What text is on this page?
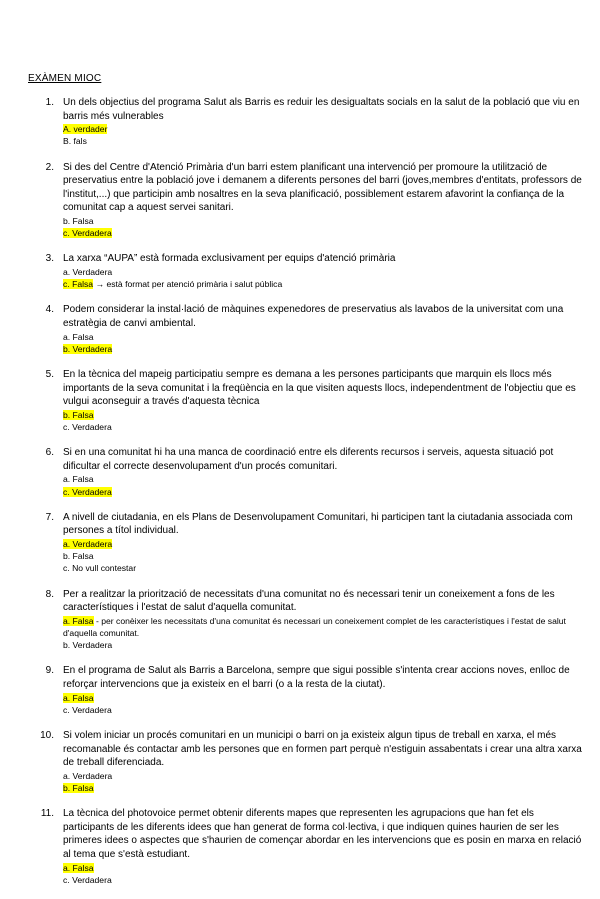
EXÀMEN MIOC
1. Un dels objectius del programa Salut als Barris es reduir les desigualtats socials en la salut de la població que viu en barris més vulnerables
A. verdader
B. fals
2. Si des del Centre d'Atenció Primària d'un barri estem planificant una intervenció per promoure la utilització de preservatius entre la població jove i demanem a diferents persones del barri (joves,membres d'entitats, professors de l'institut,...) que participin amb nosaltres en la seva planificació, possiblement estarem afavorint la confiança de la comunitat cap a aquest servei sanitari.
b. Falsa
c. Verdadera
3. La xarxa “AUPA” està formada exclusivament per equips d'atenció primària
a. Verdadera
c. Falsa → està format per atenció primària i salut pública
4. Podem considerar la instal·lació de màquines expenedores de preservatius als lavabos de la universitat com una estratègia de canvi ambiental.
a. Falsa
b. Verdadera
5. En la tècnica del mapeig participatiu sempre es demana a les persones participants que marquin els llocs més importants de la seva comunitat i la freqüència en la que visiten aquests llocs, independentment de l'objectiu que es vulgui aconseguir a través d'aquesta tècnica
b. Falsa
c. Verdadera
6. Si en una comunitat hi ha una manca de coordinació entre els diferents recursos i serveis, aquesta situació pot dificultar el correcte desenvolupament d'un procés comunitari.
a. Falsa
c. Verdadera
7. A nivell de ciutadania, en els Plans de Desenvolupament Comunitari, hi participen tant la ciutadania associada com persones a títol individual.
a. Verdadera
b. Falsa
c. No vull contestar
8. Per a realitzar la priorització de necessitats d'una comunitat no és necessari tenir un coneixement a fons de les característiques i l'estat de salut d'aquella comunitat.
a. Falsa - per conèixer les necessitats d'una comunitat és necessari un coneixement complet de les característiques i l'estat de salut d'aquella comunitat.
b. Verdadera
9. En el programa de Salut als Barris a Barcelona, sempre que sigui possible s'intenta crear accions noves, enlloc de reforçar intervencions que ja existeix en el barri (o a la resta de la ciutat).
a. Falsa
c. Verdadera
10. Si volem iniciar un procés comunitari en un municipi o barri on ja existeix algun tipus de treball en xarxa, el més recomanable és contactar amb les persones que en formen part perquè n'estiguin assabentats i crear una altra xarxa de treball diferenciada.
a. Verdadera
b. Falsa
11. La tècnica del photovoice permet obtenir diferents mapes que representen les agrupacions que han fet els participants de les diferents idees que han generat de forma col·lectiva, i que indiquen quines haurien de ser les primeres idees o aspectes que s'haurien de començar abordar en les intervencions que es posin en marxa en relació al tema que s'està estudiant.
a. Falsa
c. Verdadera
